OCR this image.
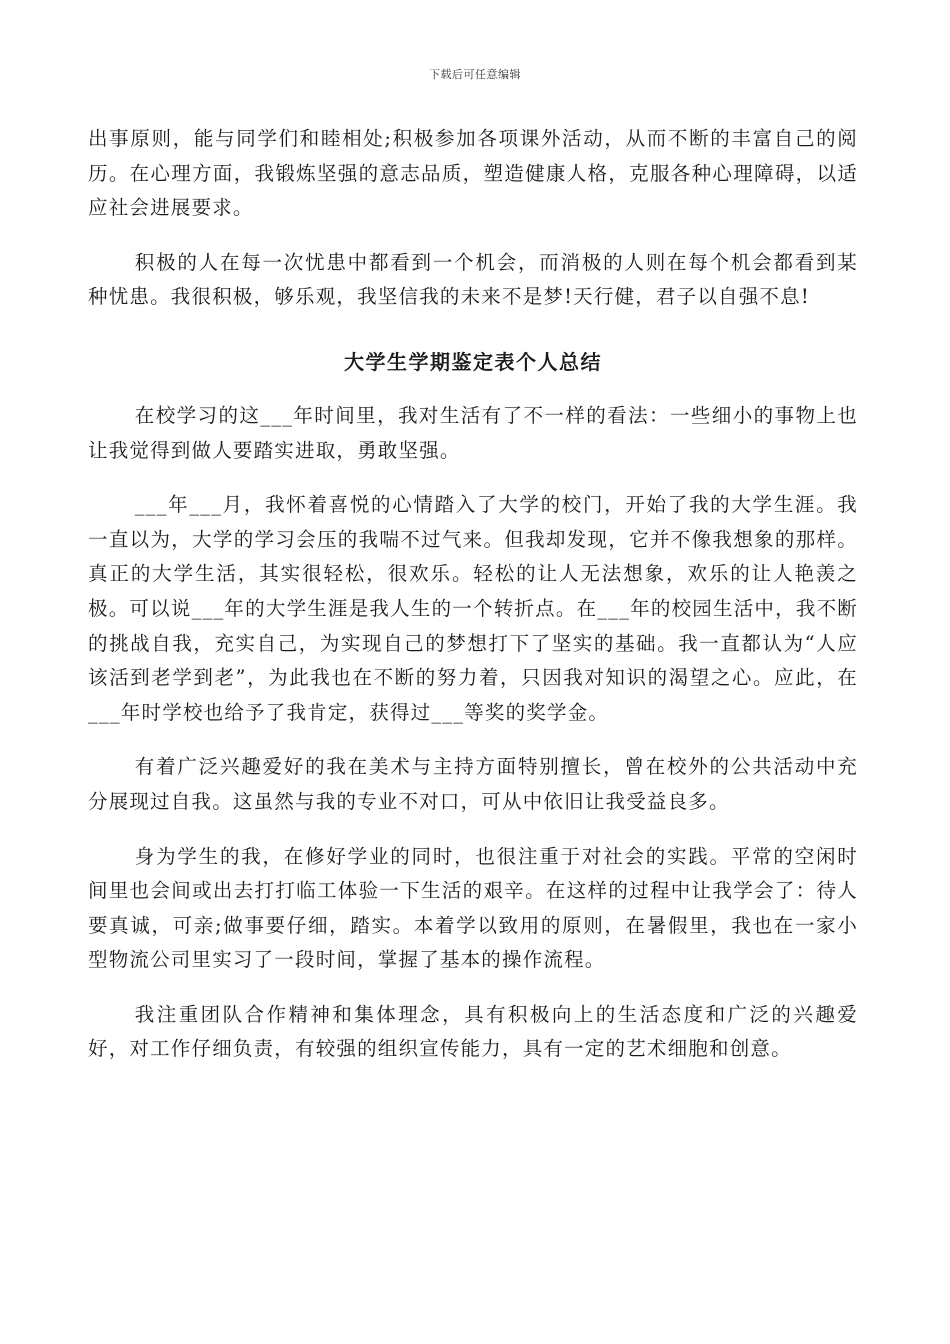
下载后可任意编辑

出事原则，能与同学们和睦相处;积极参加各项课外活动，从而不断的丰富自己的阅历。在心理方面，我锻炼坚强的意志品质，塑造健康人格，克服各种心理障碍，以适应社会进展要求。

积极的人在每一次忧患中都看到一个机会，而消极的人则在每个机会都看到某种忧患。我很积极，够乐观，我坚信我的未来不是梦!天行健，君子以自强不息!

大学生学期鉴定表个人总结

在校学习的这___年时间里，我对生活有了不一样的看法：一些细小的事物上也让我觉得到做人要踏实进取，勇敢坚强。

___年___月，我怀着喜悦的心情踏入了大学的校门，开始了我的大学生涯。我一直以为，大学的学习会压的我喘不过气来。但我却发现，它并不像我想象的那样。真正的大学生活，其实很轻松，很欢乐。轻松的让人无法想象，欢乐的让人艳羡之极。可以说___年的大学生涯是我人生的一个转折点。在___年的校园生活中，我不断的挑战自我，充实自己，为实现自己的梦想打下了坚实的基础。我一直都认为“人应该活到老学到老”，为此我也在不断的努力着，只因我对知识的渴望之心。应此，在___年时学校也给予了我肯定，获得过___等奖的奖学金。

有着广泛兴趣爱好的我在美术与主持方面特别擅长，曾在校外的公共活动中充分展现过自我。这虽然与我的专业不对口，可从中依旧让我受益良多。

身为学生的我，在修好学业的同时，也很注重于对社会的实践。平常的空闲时间里也会间或出去打打临工体验一下生活的艰辛。在这样的过程中让我学会了：待人要真诚，可亲;做事要仔细，踏实。本着学以致用的原则，在暑假里，我也在一家小型物流公司里实习了一段时间，掌握了基本的操作流程。

我注重团队合作精神和集体理念，具有积极向上的生活态度和广泛的兴趣爱好，对工作仔细负责，有较强的组织宣传能力，具有一定的艺术细胞和创意。
